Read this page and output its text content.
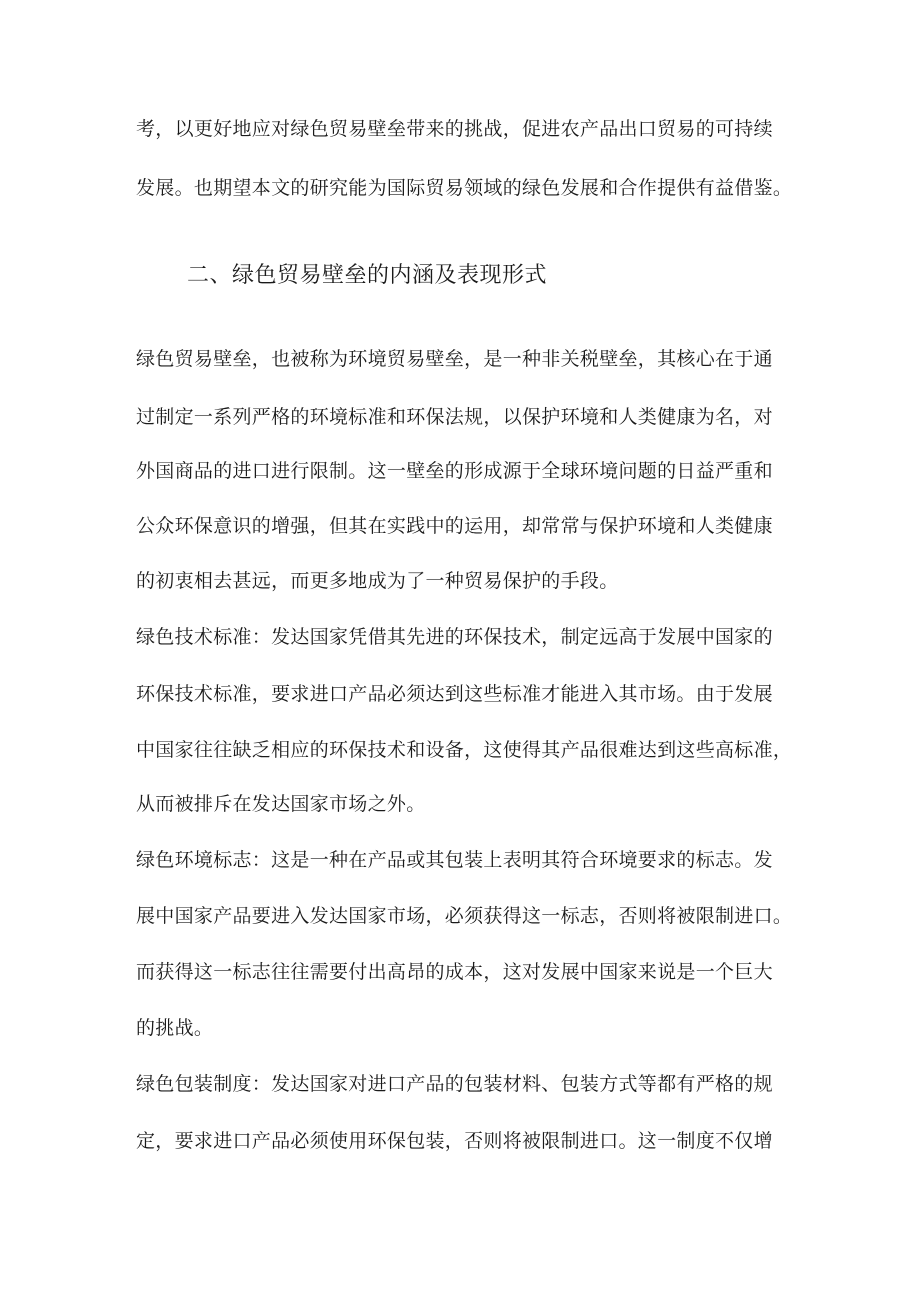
考，以更好地应对绿色贸易壁垒带来的挑战，促进农产品出口贸易的可持续
发展。也期望本文的研究能为国际贸易领域的绿色发展和合作提供有益借鉴。
二、绿色贸易壁垒的内涵及表现形式
绿色贸易壁垒，也被称为环境贸易壁垒，是一种非关税壁垒，其核心在于通
过制定一系列严格的环境标准和环保法规，以保护环境和人类健康为名，对
外国商品的进口进行限制。这一壁垒的形成源于全球环境问题的日益严重和
公众环保意识的增强，但其在实践中的运用，却常常与保护环境和人类健康
的初衷相去甚远，而更多地成为了一种贸易保护的手段。
绿色技术标准：发达国家凭借其先进的环保技术，制定远高于发展中国家的
环保技术标准，要求进口产品必须达到这些标准才能进入其市场。由于发展
中国家往往缺乏相应的环保技术和设备，这使得其产品很难达到这些高标准，
从而被排斥在发达国家市场之外。
绿色环境标志：这是一种在产品或其包装上表明其符合环境要求的标志。发
展中国家产品要进入发达国家市场，必须获得这一标志，否则将被限制进口。
而获得这一标志往往需要付出高昂的成本，这对发展中国家来说是一个巨大
的挑战。
绿色包装制度：发达国家对进口产品的包装材料、包装方式等都有严格的规
定，要求进口产品必须使用环保包装，否则将被限制进口。这一制度不仅增
